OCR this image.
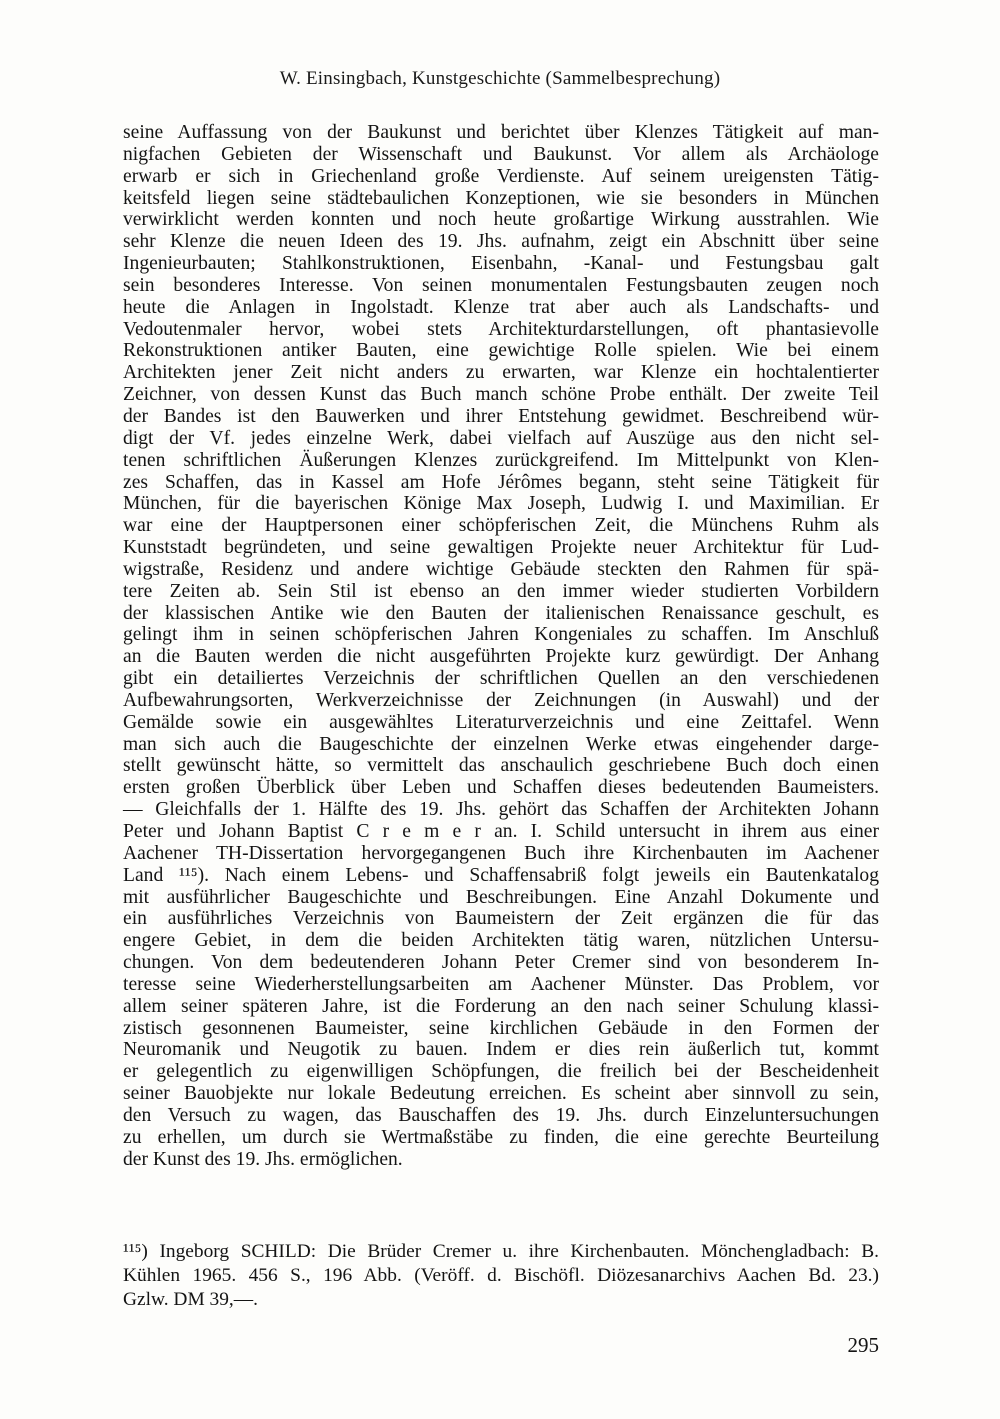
W. Einsingbach, Kunstgeschichte (Sammelbesprechung)
seine Auffassung von der Baukunst und berichtet über Klenzes Tätigkeit auf man-
nigfachen Gebieten der Wissenschaft und Baukunst. Vor allem als Archäologe
erwarb er sich in Griechenland große Verdienste. Auf seinem ureigensten Tätig-
keitsfeld liegen seine städtebaulichen Konzeptionen, wie sie besonders in München
verwirklicht werden konnten und noch heute großartige Wirkung ausstrahlen. Wie
sehr Klenze die neuen Ideen des 19. Jhs. aufnahm, zeigt ein Abschnitt über seine
Ingenieurbauten; Stahlkonstruktionen, Eisenbahn, -Kanal- und Festungsbau galt
sein besonderes Interesse. Von seinen monumentalen Festungsbauten zeugen noch
heute die Anlagen in Ingolstadt. Klenze trat aber auch als Landschafts- und
Vedoutenmaler hervor, wobei stets Architekturdarstellungen, oft phantasievolle
Rekonstruktionen antiker Bauten, eine gewichtige Rolle spielen. Wie bei einem
Architekten jener Zeit nicht anders zu erwarten, war Klenze ein hochtalentierter
Zeichner, von dessen Kunst das Buch manch schöne Probe enthält. Der zweite Teil
der Bandes ist den Bauwerken und ihrer Entstehung gewidmet. Beschreibend wür-
digt der Vf. jedes einzelne Werk, dabei vielfach auf Auszüge aus den nicht sel-
tenen schriftlichen Äußerungen Klenzes zurückgreifend. Im Mittelpunkt von Klen-
zes Schaffen, das in Kassel am Hofe Jérômes begann, steht seine Tätigkeit für
München, für die bayerischen Könige Max Joseph, Ludwig I. und Maximilian. Er
war eine der Hauptpersonen einer schöpferischen Zeit, die Münchens Ruhm als
Kunststadt begründeten, und seine gewaltigen Projekte neuer Architektur für Lud-
wigstraße, Residenz und andere wichtige Gebäude steckten den Rahmen für spä-
tere Zeiten ab. Sein Stil ist ebenso an den immer wieder studierten Vorbildern
der klassischen Antike wie den Bauten der italienischen Renaissance geschult, es
gelingt ihm in seinen schöpferischen Jahren Kongeniales zu schaffen. Im Anschluß
an die Bauten werden die nicht ausgeführten Projekte kurz gewürdigt. Der Anhang
gibt ein detailiertes Verzeichnis der schriftlichen Quellen an den verschiedenen
Aufbewahrungsorten, Werkverzeichnisse der Zeichnungen (in Auswahl) und der
Gemälde sowie ein ausgewähltes Literaturverzeichnis und eine Zeittafel. Wenn
man sich auch die Baugeschichte der einzelnen Werke etwas eingehender darge-
stellt gewünscht hätte, so vermittelt das anschaulich geschriebene Buch doch einen
ersten großen Überblick über Leben und Schaffen dieses bedeutenden Baumeisters.
— Gleichfalls der 1. Hälfte des 19. Jhs. gehört das Schaffen der Architekten Johann
Peter und Johann Baptist C r e m e r an. I. Schild untersucht in ihrem aus einer
Aachener TH-Dissertation hervorgegangenen Buch ihre Kirchenbauten im Aachener
Land ¹¹⁵). Nach einem Lebens- und Schaffensabriß folgt jeweils ein Bautenkatalog
mit ausführlicher Baugeschichte und Beschreibungen. Eine Anzahl Dokumente und
ein ausführliches Verzeichnis von Baumeistern der Zeit ergänzen die für das
engere Gebiet, in dem die beiden Architekten tätig waren, nützlichen Untersu-
chungen. Von dem bedeutenderen Johann Peter Cremer sind von besonderem In-
teresse seine Wiederherstellungsarbeiten am Aachener Münster. Das Problem, vor
allem seiner späteren Jahre, ist die Forderung an den nach seiner Schulung klassi-
zistisch gesonnenen Baumeister, seine kirchlichen Gebäude in den Formen der
Neuromanik und Neugotik zu bauen. Indem er dies rein äußerlich tut, kommt
er gelegentlich zu eigenwilligen Schöpfungen, die freilich bei der Bescheidenheit
seiner Bauobjekte nur lokale Bedeutung erreichen. Es scheint aber sinnvoll zu sein,
den Versuch zu wagen, das Bauschaffen des 19. Jhs. durch Einzeluntersuchungen
zu erhellen, um durch sie Wertmaßstäbe zu finden, die eine gerechte Beurteilung
der Kunst des 19. Jhs. ermöglichen.
¹¹⁵) Ingeborg SCHILD: Die Brüder Cremer u. ihre Kirchenbauten. Mönchengladbach: B.
Kühlen 1965. 456 S., 196 Abb. (Veröff. d. Bischöfl. Diözesanarchivs Aachen Bd. 23.)
Gzlw. DM 39,—.
295
